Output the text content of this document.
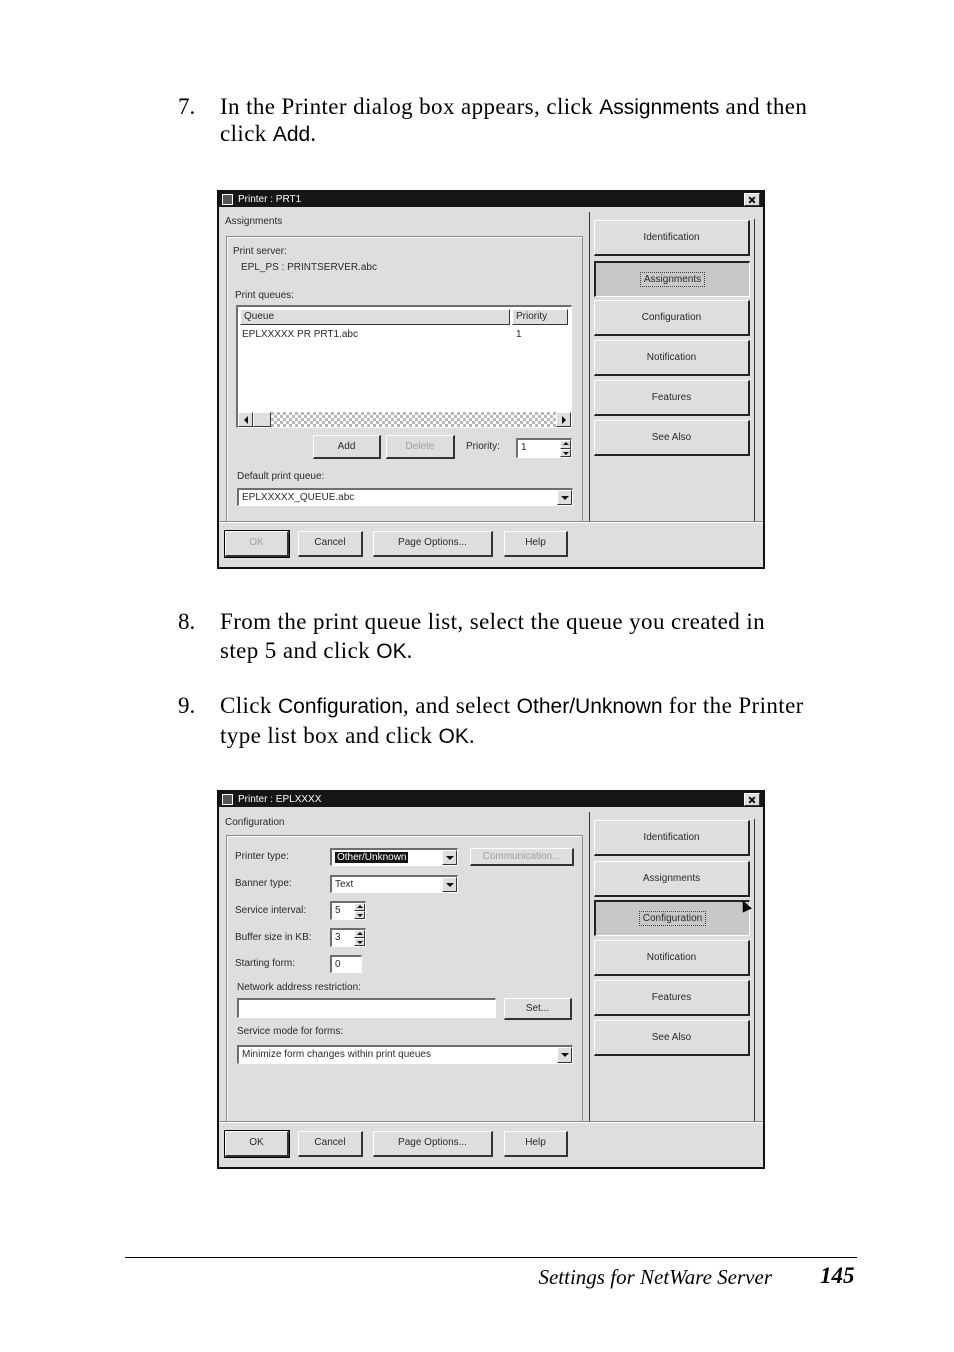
7. In the Printer dialog box appears, click Assignments and then
click Add.
Printer : PRT1
Assignments
Print server:
EPL_PS : PRINTSERVER.abc
Print queues:
Queue	Priority
EPLXXXXX PR PRT1.abc	1
Add	Delete	Priority: 1
Default print queue:
EPLXXXXX_QUEUE.abc
Identification
Assignments
Configuration
Notification
Features
See Also
OK	Cancel	Page Options...	Help
8. From the print queue list, select the queue you created in
step 5 and click OK.
9. Click Configuration, and select Other/Unknown for the Printer
type list box and click OK.
Printer : EPLXXXX
Configuration
Printer type:	Other/Unknown	Communication...
Banner type:	Text
Service interval:	5
Buffer size in KB: 3
Starting form:	0
Network address restriction:
Set...
Service mode for forms:
Minimize form changes within print queues
Identification
Assignments
Configuration
Notification
Features
See Also
OK	Cancel	Page Options...	Help
Settings for NetWare Server 145
